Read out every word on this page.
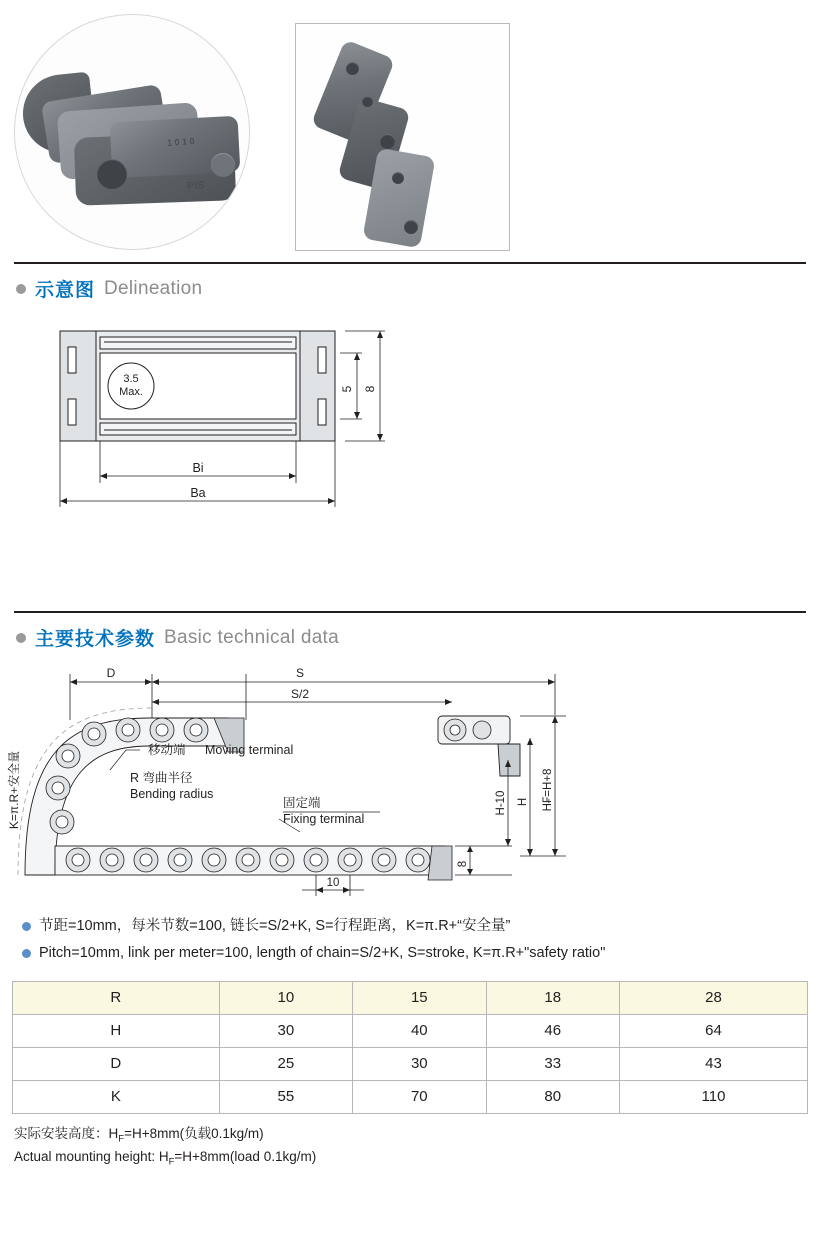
1 0 1 0
PIS
示意图 Delineation
3.5
Max.	8
5
Bi
Ba
主要技术参数 Basic technical data
D	S
S/2
H₣=H+8
H
H-10
8
10
K=π.R+安全量
移动端 Moving terminal
R 弯曲半径
Bending radius
固定端
Fixing terminal
节距=10mm，每米节数=100, 链长=S/2+K, S=行程距离，K=π.R+“安全量”
Pitch=10mm, link per meter=100, length of chain=S/2+K, S=stroke, K=π.R+"safety ratio"
R	10	15	18	28
H	30	40	46	64
D	25	30	33	43
K	55	70	80	110
实际安装高度：$H_F=H+8mm$(负载0.1kg/m)
Actual mounting height: $H_F=H+8mm(load$ 0.1kg/m)
